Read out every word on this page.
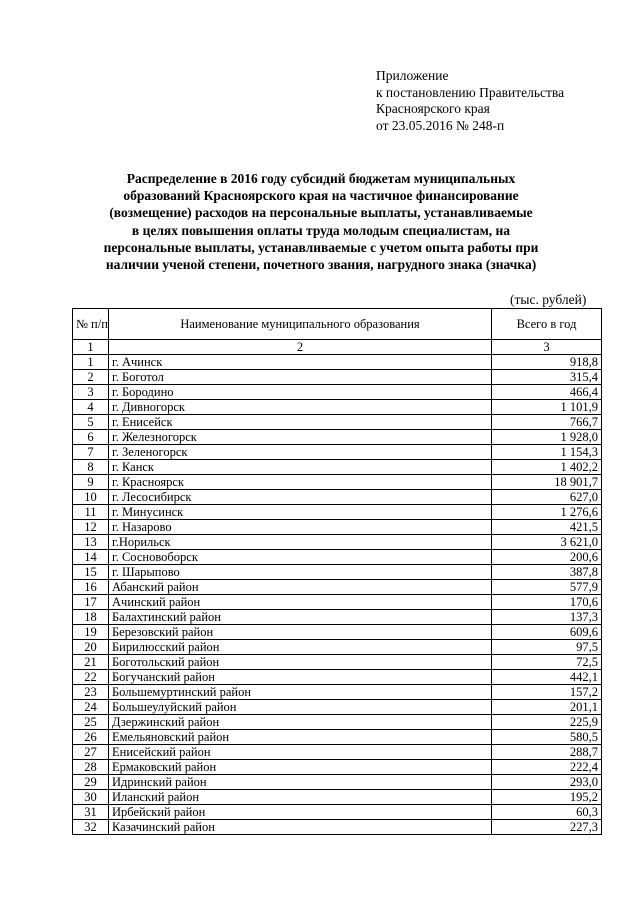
Приложение
к постановлению Правительства
Красноярского края
от 23.05.2016 № 248-п
Распределение в 2016 году субсидий бюджетам муниципальных
образований Красноярского края на частичное финансирование
(возмещение) расходов на персональные выплаты, устанавливаемые
в целях повышения оплаты труда молодым специалистам, на
персональные выплаты, устанавливаемые с учетом опыта работы при
наличии ученой степени, почетного звания, нагрудного знака (значка)
(тыс. рублей)
№ п/п	Наименование муниципального образования	Всего в год
1	2	3
1	г. Ачинск	918,8
2	г. Боготол	315,4
3	г. Бородино	466,4
4	г. Дивногорск	1 101,9
5	г. Енисейск	766,7
6	г. Железногорск	1 928,0
7	г. Зеленогорск	1 154,3
8	г. Канск	1 402,2
9	г. Красноярск	18 901,7
10	г. Лесосибирск	627,0
11	г. Минусинск	1 276,6
12	г. Назарово	421,5
13	г.Норильск	3 621,0
14	г. Сосновоборск	200,6
15	г. Шарыпово	387,8
16	Абанский район	577,9
17	Ачинский район	170,6
18	Балахтинский район	137,3
19	Березовский район	609,6
20	Бирилюсский район	97,5
21	Боготольский район	72,5
22	Богучанский район	442,1
23	Большемуртинский район	157,2
24	Большеулуйский район	201,1
25	Дзержинский район	225,9
26	Емельяновский район	580,5
27	Енисейский район	288,7
28	Ермаковский район	222,4
29	Идринский район	293,0
30	Иланский район	195,2
31	Ирбейский район	60,3
32	Казачинский район	227,3
